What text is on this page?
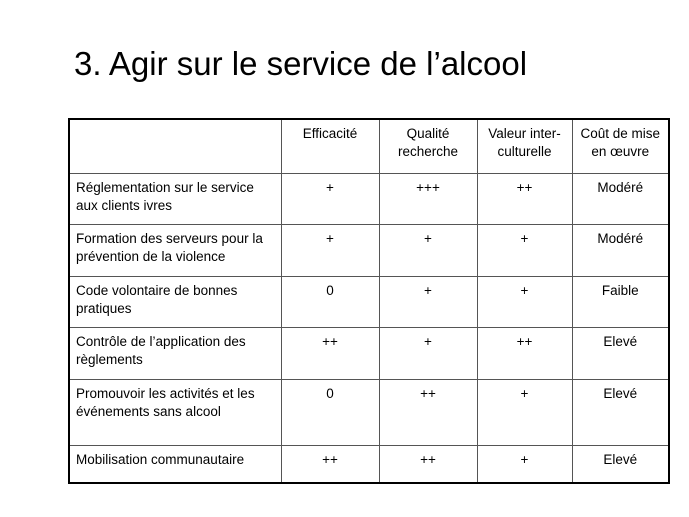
3. Agir sur le service de l’alcool
	Efficacité	Qualité recherche	Valeur inter-culturelle	Coût de mise en œuvre
Réglementation sur le service aux clients ivres	+	+++	++	Modéré
Formation des serveurs pour la prévention de la violence	+	+	+	Modéré
Code volontaire de bonnes pratiques	0	+	+	Faible
Contrôle de l’application des règlements	++	+	++	Elevé
Promouvoir les activités et les événements sans alcool	0	++	+	Elevé
Mobilisation communautaire	++	++	+	Elevé
